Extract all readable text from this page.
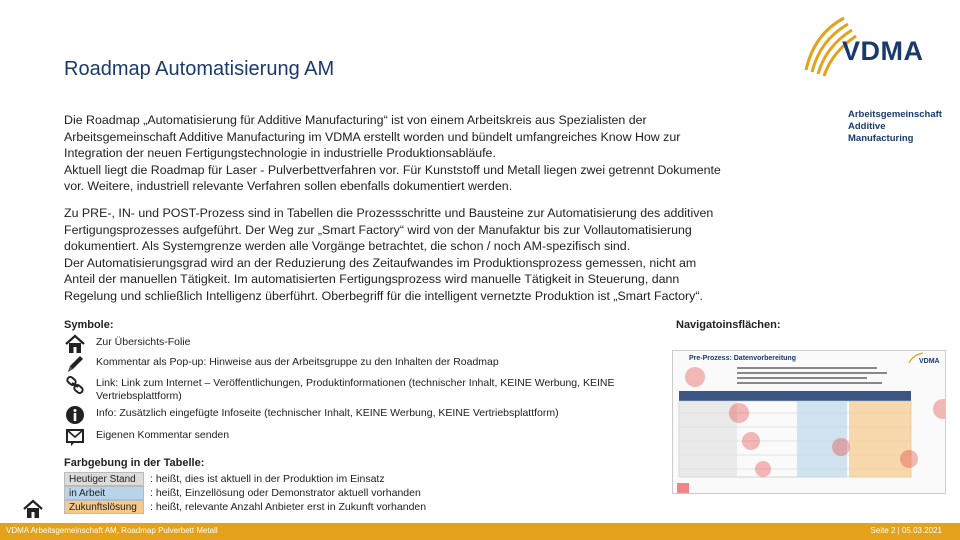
Roadmap Automatisierung AM
VDMA
Arbeitsgemeinschaft
Additive Manufacturing
Die Roadmap „Automatisierung für Additive Manufacturing“ ist von einem Arbeitskreis aus Spezialisten der
Arbeitsgemeinschaft Additive Manufacturing im VDMA erstellt worden und bündelt umfangreiches Know How zur
Integration der neuen Fertigungstechnologie in industrielle Produktionsabläufe.
Aktuell liegt die Roadmap für Laser - Pulverbettverfahren vor. Für Kunststoff und Metall liegen zwei getrennt Dokumente
vor. Weitere, industriell relevante Verfahren sollen ebenfalls dokumentiert werden.
Zu PRE-, IN- und POST-Prozess sind in Tabellen die Prozessschritte und Bausteine zur Automatisierung des additiven
Fertigungsprozesses aufgeführt. Der Weg zur „Smart Factory“ wird von der Manufaktur bis zur Vollautomatisierung
dokumentiert. Als Systemgrenze werden alle Vorgänge betrachtet, die schon / noch AM-spezifisch sind.
Der Automatisierungsgrad wird an der Reduzierung des Zeitaufwandes im Produktionsprozess gemessen, nicht am
Anteil der manuellen Tätigkeit. Im automatisierten Fertigungsprozess wird manuelle Tätigkeit in Steuerung, dann
Regelung und schließlich Intelligenz überführt. Oberbegriff für die intelligent vernetzte Produktion ist „Smart Factory“.
Symbole:	Navigatoinsflächen:
Zur Übersichts-Folie
Kommentar als Pop-up: Hinweise aus der Arbeitsgruppe zu den Inhalten der Roadmap
Link: Link zum Internet – Veröffentlichungen, Produktinformationen (technischer Inhalt, KEINE Werbung, KEINE
Vertriebsplattform)
Info: Zusätzlich eingefügte Infoseite (technischer Inhalt, KEINE Werbung, KEINE Vertriebsplattform)
Eigenen Kommentar senden
Farbgebung in der Tabelle:
Heutiger Stand	: heißt, dies ist aktuell in der Produktion im Einsatz
in Arbeit	: heißt, Einzellösung oder Demonstrator aktuell vorhanden
Zukunftslösung	: heißt, relevante Anzahl Anbieter erst in Zukunft vorhanden
Pre-Prozess: Datenvorbereitung	VDMA
VDMA Arbeitsgemeinschaft AM, Roadmap Pulverbett Metall	Seite 2 | 05.03.2021
